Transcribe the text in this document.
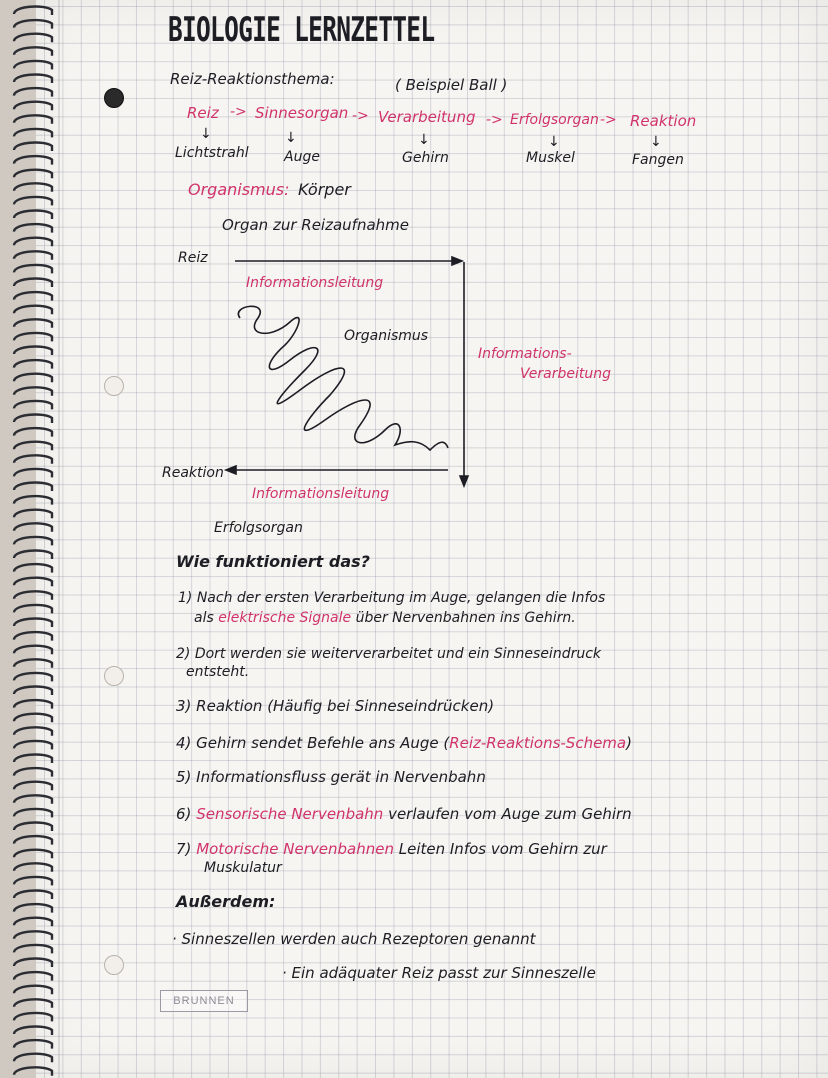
BIOLOGIE LERNZETTEL
Reiz-Reaktionsthema:	( Beispiel Ball )
Reiz -> Sinnesorgan -> Verarbeitung -> Erfolgsorgan -> Reaktion
↓	↓	↓	↓	↓
Lichtstrahl	Auge	Gehirn	Muskel	Fangen
Organismus: Körper
Organ zur Reizaufnahme
Reiz
Informationsleitung
Organismus
Informations-
Verarbeitung
Reaktion
Informationsleitung
Erfolgsorgan
Wie funktioniert das?
1) Nach der ersten Verarbeitung im Auge, gelangen die Infos
als elektrische Signale über Nervenbahnen ins Gehirn.
2) Dort werden sie weiterverarbeitet und ein Sinneseindruck
entsteht.
3) Reaktion (Häufig bei Sinneseindrücken)
4) Gehirn sendet Befehle ans Auge (Reiz-Reaktions-Schema)
5) Informationsfluss gerät in Nervenbahn
6) Sensorische Nervenbahn verlaufen vom Auge zum Gehirn
7) Motorische Nervenbahnen Leiten Infos vom Gehirn zur
Muskulatur
Außerdem:
· Sinneszellen werden auch Rezeptoren genannt
· Ein adäquater Reiz passt zur Sinneszelle
BRUNNEN
